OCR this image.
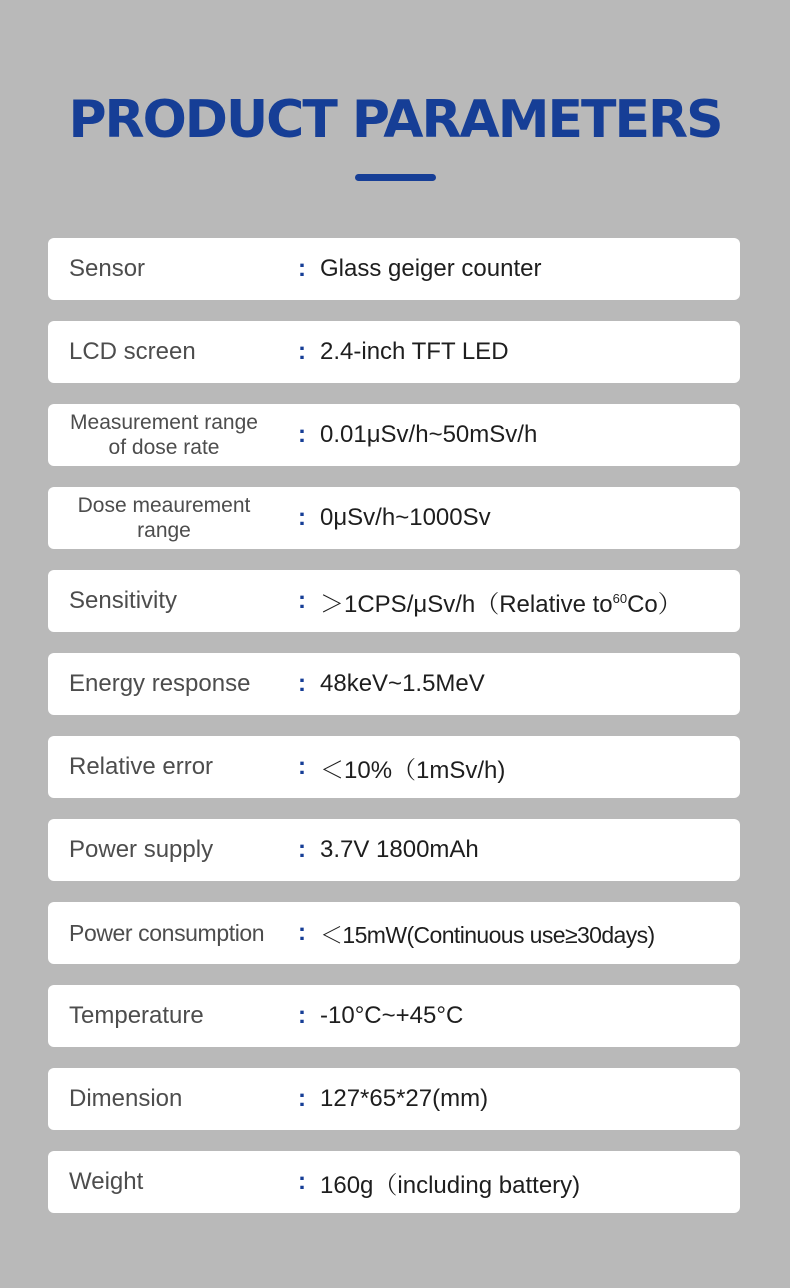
PRODUCT PARAMETERS
Sensor	: Glass geiger counter
LCD screen	: 2.4-inch TFT LED
Measurement range
of dose rate	: 0.01μSv/h~50mSv/h
Dose meaurement
range	: 0μSv/h~1000Sv
Sensitivity	: ＞1CPS/μSv/h（Relative to $^{60}$ Co）
Energy response	: 48keV~1.5MeV
Relative error	: ＜10%（1mSv/h)
Power supply	: 3.7V 1800mAh
Power consumption	: ＜15mW(Continuous use≥30days)
Temperature	: -10°C~+45°C
Dimension	: 127*65*27(mm)
Weight	: 160g（including battery)
